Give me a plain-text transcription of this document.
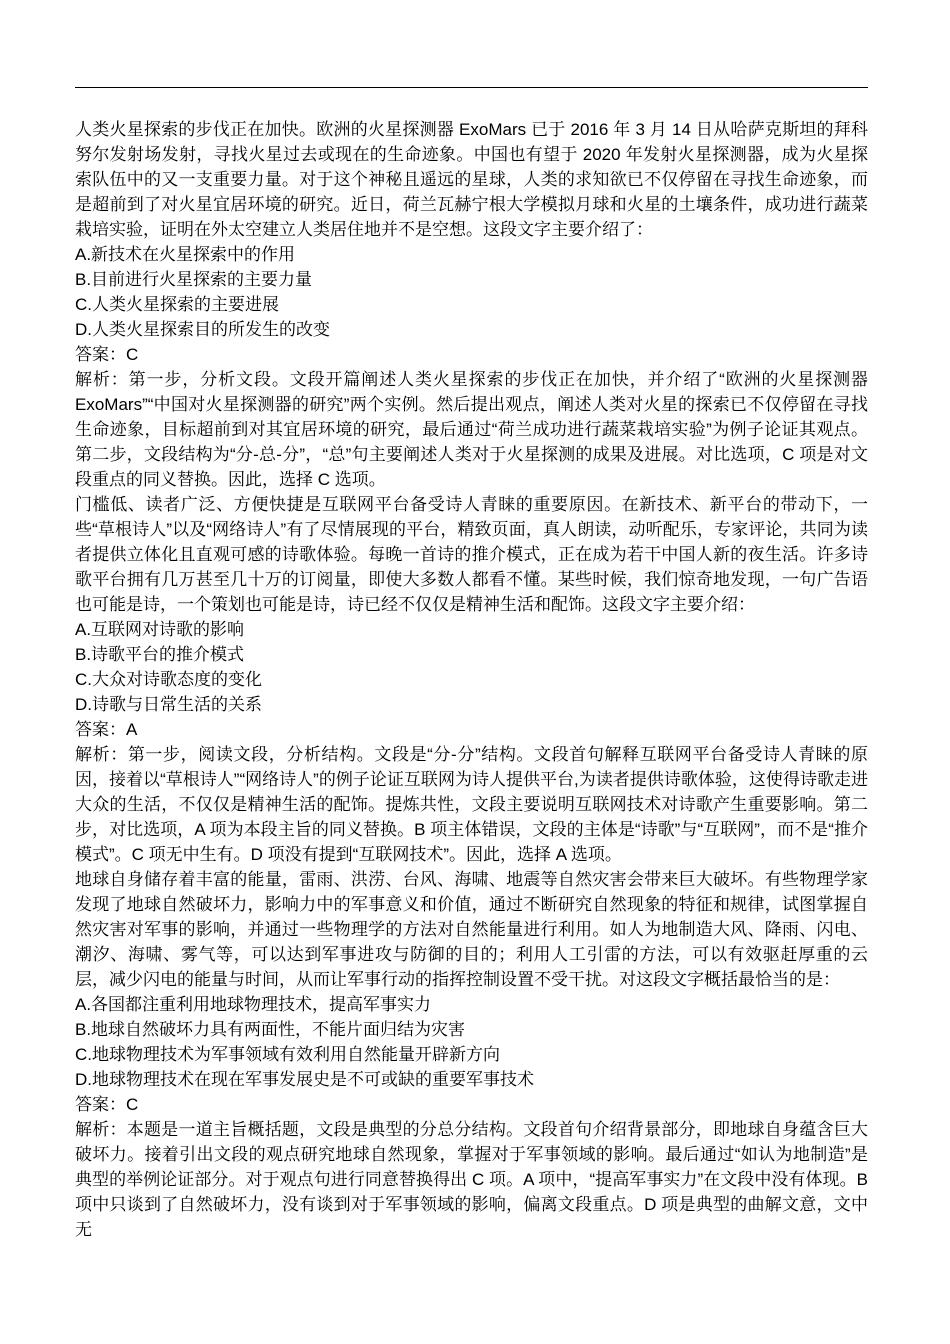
人类火星探索的步伐正在加快。欧洲的火星探测器 ExoMars 已于 2016 年 3 月 14 日从哈萨克斯坦的拜科努尔发射场发射，寻找火星过去或现在的生命迹象。中国也有望于 2020 年发射火星探测器，成为火星探索队伍中的又一支重要力量。对于这个神秘且遥远的星球，人类的求知欲已不仅停留在寻找生命迹象，而是超前到了对火星宜居环境的研究。近日，荷兰瓦赫宁根大学模拟月球和火星的土壤条件，成功进行蔬菜栽培实验，证明在外太空建立人类居住地并不是空想。这段文字主要介绍了：

A.新技术在火星探索中的作用

B.目前进行火星探索的主要力量

C.人类火星探索的主要进展

D.人类火星探索目的所发生的改变

答案：C

解析：第一步，分析文段。文段开篇阐述人类火星探索的步伐正在加快，并介绍了“欧洲的火星探测器 ExoMars”“中国对火星探测器的研究”两个实例。然后提出观点，阐述人类对火星的探索已不仅停留在寻找生命迹象，目标超前到对其宜居环境的研究，最后通过“荷兰成功进行蔬菜栽培实验”为例子论证其观点。第二步，文段结构为“分-总-分”，“总”句主要阐述人类对于火星探测的成果及进展。对比选项，C 项是对文段重点的同义替换。因此，选择 C 选项。

门槛低、读者广泛、方便快捷是互联网平台备受诗人青睐的重要原因。在新技术、新平台的带动下，一些“草根诗人”以及“网络诗人”有了尽情展现的平台，精致页面，真人朗读，动听配乐，专家评论，共同为读者提供立体化且直观可感的诗歌体验。每晚一首诗的推介模式，正在成为若干中国人新的夜生活。许多诗歌平台拥有几万甚至几十万的订阅量，即使大多数人都看不懂。某些时候，我们惊奇地发现，一句广告语也可能是诗，一个策划也可能是诗，诗已经不仅仅是精神生活和配饰。这段文字主要介绍：

A.互联网对诗歌的影响

B.诗歌平台的推介模式

C.大众对诗歌态度的变化

D.诗歌与日常生活的关系

答案：A

解析：第一步，阅读文段，分析结构。文段是“分-分”结构。文段首句解释互联网平台备受诗人青睐的原因，接着以“草根诗人”“网络诗人”的例子论证互联网为诗人提供平台,为读者提供诗歌体验，这使得诗歌走进大众的生活，不仅仅是精神生活的配饰。提炼共性，文段主要说明互联网技术对诗歌产生重要影响。第二步，对比选项，A 项为本段主旨的同义替换。B 项主体错误，文段的主体是“诗歌”与“互联网”，而不是“推介模式”。C 项无中生有。D 项没有提到“互联网技术”。因此，选择 A 选项。

地球自身储存着丰富的能量，雷雨、洪涝、台风、海啸、地震等自然灾害会带来巨大破坏。有些物理学家发现了地球自然破坏力，影响力中的军事意义和价值，通过不断研究自然现象的特征和规律，试图掌握自然灾害对军事的影响，并通过一些物理学的方法对自然能量进行利用。如人为地制造大风、降雨、闪电、潮汐、海啸、雾气等，可以达到军事进攻与防御的目的；利用人工引雷的方法，可以有效驱赶厚重的云层，减少闪电的能量与时间，从而让军事行动的指挥控制设置不受干扰。对这段文字概括最恰当的是：

A.各国都注重利用地球物理技术，提高军事实力

B.地球自然破坏力具有两面性，不能片面归结为灾害

C.地球物理技术为军事领域有效利用自然能量开辟新方向

D.地球物理技术在现在军事发展史是不可或缺的重要军事技术

答案：C

解析：本题是一道主旨概括题，文段是典型的分总分结构。文段首句介绍背景部分，即地球自身蕴含巨大破坏力。接着引出文段的观点研究地球自然现象，掌握对于军事领域的影响。最后通过“如认为地制造”是典型的举例论证部分。对于观点句进行同意替换得出 C 项。A 项中，“提高军事实力”在文段中没有体现。B 项中只谈到了自然破坏力，没有谈到对于军事领域的影响，偏离文段重点。D 项是典型的曲解文意，文中无
